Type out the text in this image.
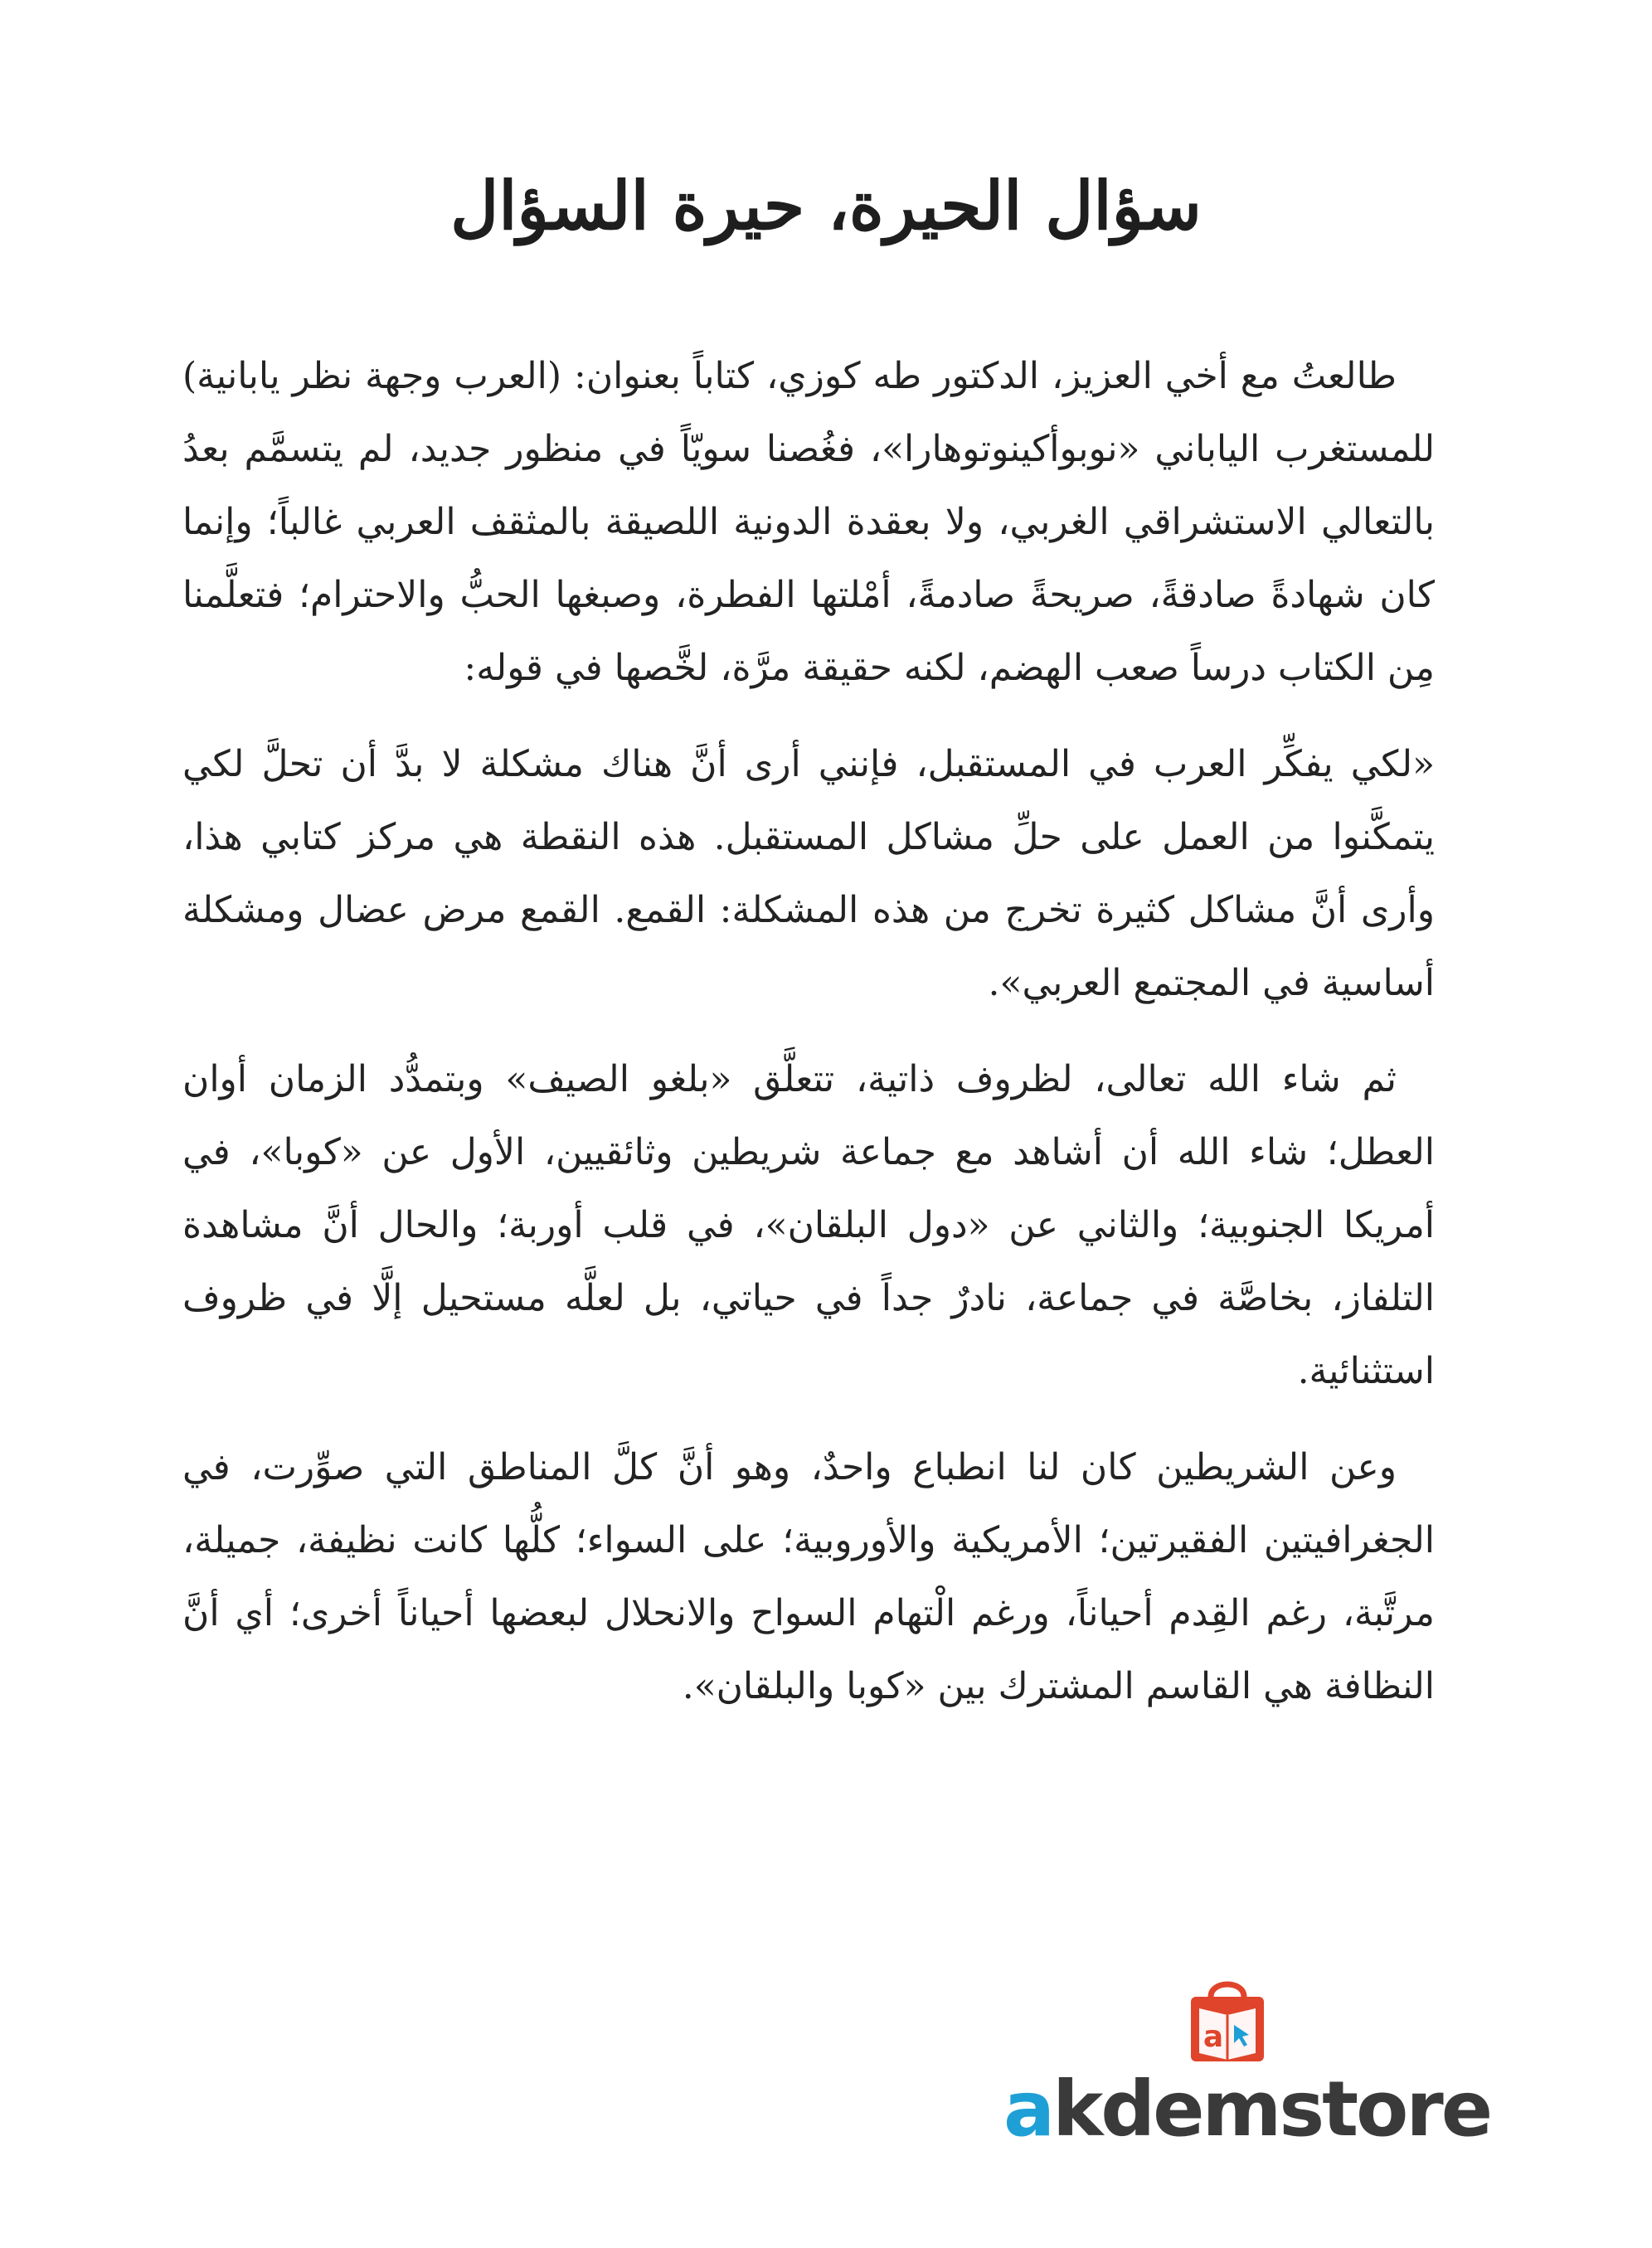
سؤال الحيرة، حيرة السؤال

طالعتُ مع أخي العزيز، الدكتور طه كوزي، كتاباً بعنوان: (العرب وجهة نظر يابانية) للمستغرب الياباني «نوبوأكينوتوهارا»، فغُصنا سويّاً في منظور جديد، لم يتسمَّم بعدُ بالتعالي الاستشراقي الغربي، ولا بعقدة الدونية اللصيقة بالمثقف العربي غالباً؛ وإنما كان شهادةً صادقةً، صريحةً صادمةً، أمْلتها الفطرة، وصبغها الحبُّ والاحترام؛ فتعلَّمنا مِن الكتاب درساً صعب الهضم، لكنه حقيقة مرَّة، لخَّصها في قوله:

«لكي يفكِّر العرب في المستقبل، فإنني أرى أنَّ هناك مشكلة لا بدَّ أن تحلَّ لكي يتمكَّنوا من العمل على حلِّ مشاكل المستقبل. هذه النقطة هي مركز كتابي هذا، وأرى أنَّ مشاكل كثيرة تخرج من هذه المشكلة: القمع. القمع مرض عضال ومشكلة أساسية في المجتمع العربي».

ثم شاء الله تعالى، لظروف ذاتية، تتعلَّق «بلغو الصيف» وبتمدُّد الزمان أوان العطل؛ شاء الله أن أشاهد مع جماعة شريطين وثائقيين، الأول عن «كوبا»، في أمريكا الجنوبية؛ والثاني عن «دول البلقان»، في قلب أوربة؛ والحال أنَّ مشاهدة التلفاز، بخاصَّة في جماعة، نادرٌ جداً في حياتي، بل لعلَّه مستحيل إلَّا في ظروف استثنائية.

وعن الشريطين كان لنا انطباع واحدٌ، وهو أنَّ كلَّ المناطق التي صوِّرت، في الجغرافيتين الفقيرتين؛ الأمريكية والأوروبية؛ على السواء؛ كلُّها كانت نظيفة، جميلة، مرتَّبة، رغم القِدم أحياناً، ورغم الْتهام السواح والانحلال لبعضها أحياناً أخرى؛ أي أنَّ النظافة هي القاسم المشترك بين «كوبا والبلقان».

a
akdemstore
